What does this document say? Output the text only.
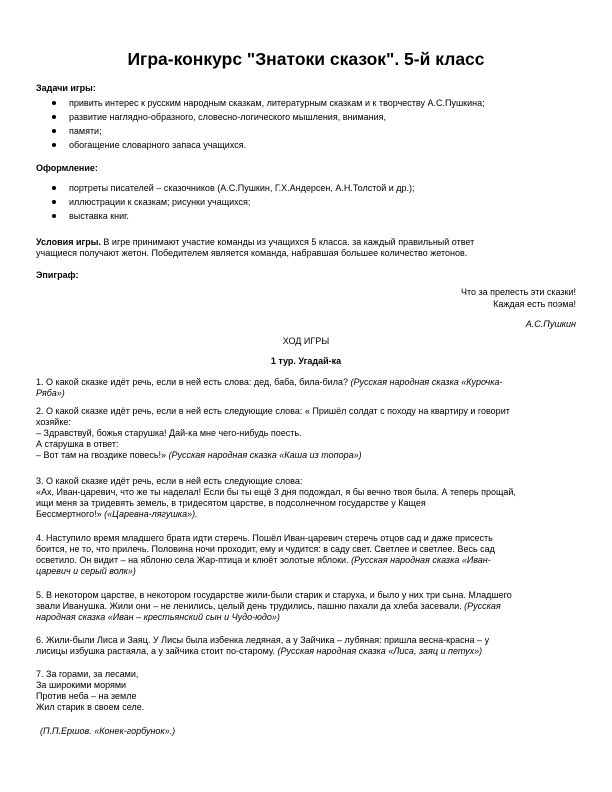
Игра-конкурс "Знатоки сказок". 5-й класс
Задачи игры:
привить интерес к русским народным сказкам, литературным сказкам и к творчеству А.С.Пушкина;
развитие наглядно-образного, словесно-логического мышления, внимания,
памяти;
обогащение словарного запаса учащихся.
Оформление:
портреты писателей – сказочников (А.С.Пушкин, Г.Х.Андерсен, А.Н.Толстой и др.);
иллюстрации к сказкам; рисунки учащихся;
выставка книг.
Условия игры. В игре принимают участие команды из учащихся 5 класса. за каждый правильный ответ
учащиеся получают жетон. Победителем является команда, набравшая большее количество жетонов.
Эпиграф:
Что за прелесть эти сказки!
Каждая есть поэма!
А.С.Пушкин
ХОД ИГРЫ
1 тур. Угадай-ка
1. О какой сказке идёт речь, если в ней есть слова: дед, баба, била-била? (Русская народная сказка «Курочка-
Ряба»)
2. О какой сказке идёт речь, если в ней есть следующие слова: « Пришёл солдат с походу на квартиру и говорит
хозяйке:
– Здравствуй, божья старушка! Дай-ка мне чего-нибудь поесть.
А старушка в ответ:
– Вот там на гвоздике повесь!» (Русская народная сказка «Каша из топора»)
3. О какой сказке идёт речь, если в ней есть следующие слова:
«Ах, Иван-царевич, что же ты наделал! Если бы ты ещё 3 дня подождал, я бы вечно твоя была. А теперь прощай,
ищи меня за тридевять земель, в тридесятом царстве, в подсолнечном государстве у Кащея
Бессмертного!» («Царевна-лягушка»).
4. Наступило время младшего брата идти стеречь. Пошёл Иван-царевич стеречь отцов сад и даже присесть
боится, не то, что прилечь. Половина ночи проходит, ему и чудится: в саду свет. Светлее и светлее. Весь сад
осветило. Он видит – на яблоню села Жар-птица и клюёт золотые яблоки. (Русская народная сказка «Иван-
царевич и серый волк»)
5. В некотором царстве, в некотором государстве жили-были старик и старуха, и было у них три сына. Младшего
звали Иванушка. Жили они – не ленились, целый день трудились, пашню пахали да хлеба засевали. (Русская
народная сказка «Иван – крестьянский сын и Чудо-юдо»)
6. Жили-были Лиса и Заяц. У Лисы была избенка ледяная, а у Зайчика – лубяная: пришла весна-красна – у
лисицы избушка растаяла, а у зайчика стоит по-старому. (Русская народная сказка «Лиса, заяц и петух»)
7. За горами, за лесами,
За широкими морями
Против неба – на земле
Жил старик в своем селе.
(П.П.Ершов. «Конек-горбунок».)
